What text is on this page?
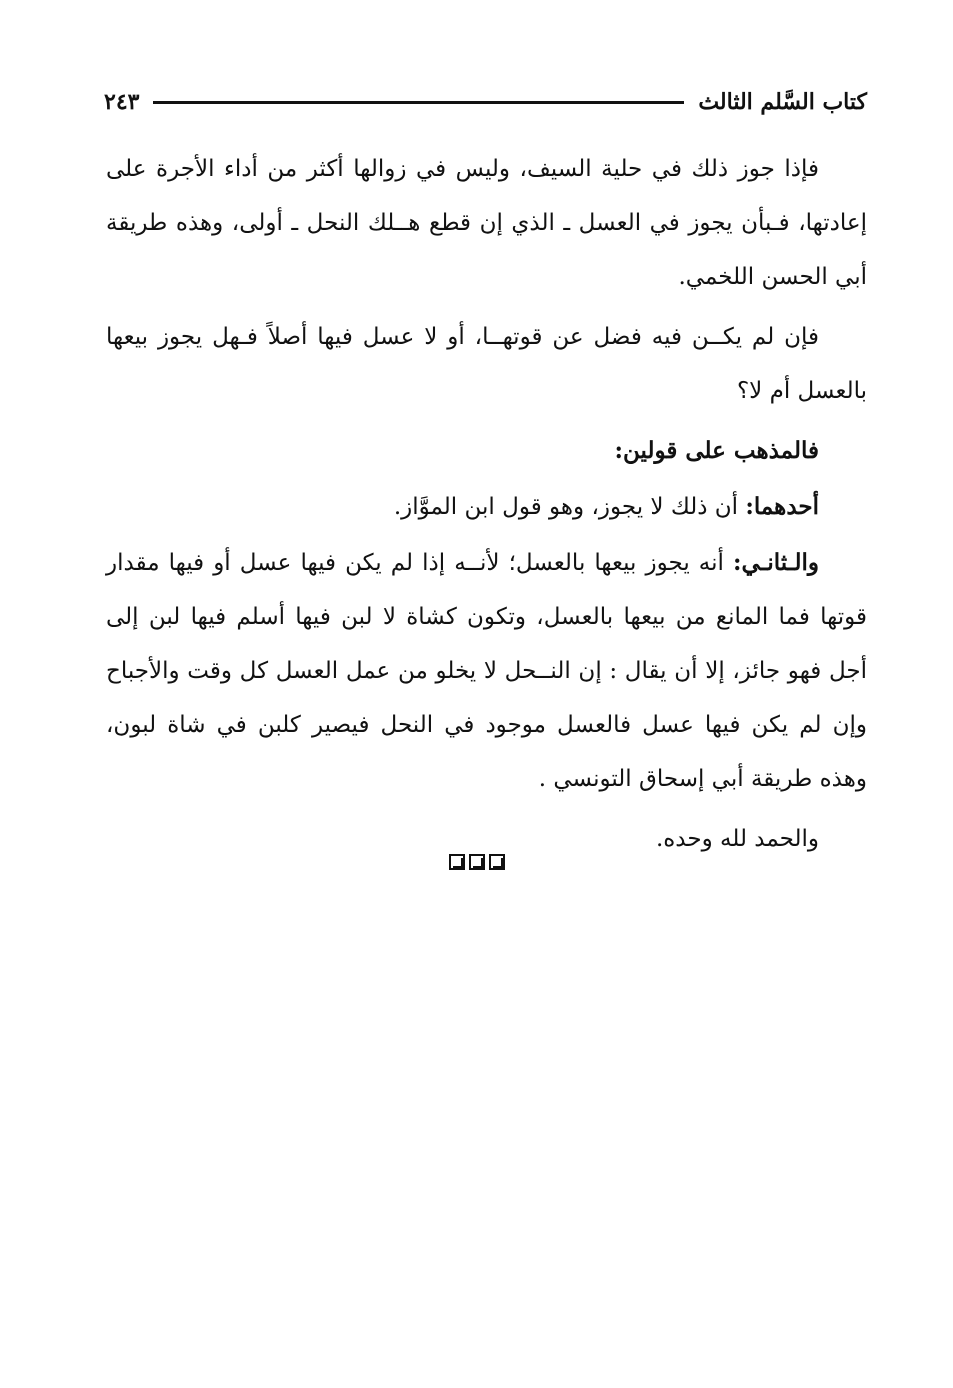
كتاب السَّلم الثالث
٢٤٣

فإذا جوز ذلك في حلية السيف، وليس في زوالها أكثر من أداء الأجرة على إعادتها، فـبأن يجوز في العسل ـ الذي إن قطع هــلك النحل ـ أولى، وهذه طريقة أبي الحسن اللخمي.

فإن لم يكــن فيه فضل عن قوتهــا، أو لا عسل فيها أصلاً فـهل يجوز بيعها بالعسل أم لا؟

فالمذهب على قولين:

أحدهما: أن ذلك لا يجوز، وهو قول ابن الموَّاز.

والـثانـي: أنه يجوز بيعها بالعسل؛ لأنــه إذا لم يكن فيها عسل أو فيها مقدار قوتها فما المانع من بيعها بالعسل، وتكون كشاة لا لبن فيها أسلم فيها لبن إلى أجل فهو جائز، إلا أن يقال : إن النــحل لا يخلو من عمل العسل كل وقت والأجباح وإن لم يكن فيها عسل فالعسل موجود في النحل فيصير كلبن في شاة لبون، وهذه طريقة أبي إسحاق التونسي .

والحمد لله وحده.
